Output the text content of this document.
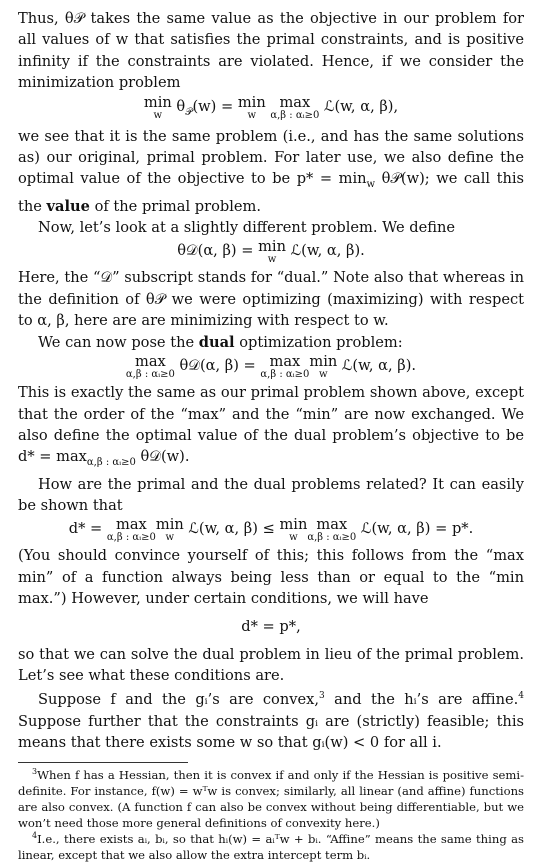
Thus, θ𝒫 takes the same value as the objective in our problem for all values of w that satisfies the primal constraints, and is positive infinity if the constraints are violated. Hence, if we consider the minimization problem

min
w
$\theta_𝒫(w) = \min$
w
max
α,β : αᵢ≥0
ℒ(w, α, β),

we see that it is the same problem (i.e., and has the same solutions as) our original, primal problem. For later use, we also define the optimal value of the objective to be $p* = \min_w$ θ𝒫(w); we call this the value of the primal problem.

Now, let’s look at a slightly different problem. We define

θ𝒟(α, β) = min
w
ℒ(w, α, β).

Here, the “𝒟” subscript stands for “dual.” Note also that whereas in the definition of θ𝒫 we were optimizing (maximizing) with respect to α, β, here are are minimizing with respect to w.

We can now pose the dual optimization problem:

max
α,β : αᵢ≥0
θ𝒟(α, β) = max
α,β : αᵢ≥0
min
w
ℒ(w, α, β).

This is exactly the same as our primal problem shown above, except that the order of the “max” and the “min” are now exchanged. We also define the optimal value of the dual problem’s objective to be $d* = \max_{\alpha,\beta : \alpha ᵢ\ge 0}$ θ𝒟(w).

How are the primal and the dual problems related? It can easily be shown that

d* = max
α,β : αᵢ≥0
min
w
ℒ(w, α, β) ≤ min
w
max
α,β : αᵢ≥0
ℒ(w, α, β) = p*.

(You should convince yourself of this; this follows from the “max min” of a function always being less than or equal to the “min max.”) However, under certain conditions, we will have

d* = p*,

so that we can solve the dual problem in lieu of the primal problem. Let’s see what these conditions are.

Suppose f and the gᵢ’s are convex,$^3$ and the hᵢ’s are affine.$^4$ Suppose further that the constraints gᵢ are (strictly) feasible; this means that there exists some w so that gᵢ(w) < 0 for all i.

$^3$When f has a Hessian, then it is convex if and only if the Hessian is positive semi-definite. For instance, f(w) = wᵀw is convex; similarly, all linear (and affine) functions are also convex. (A function f can also be convex without being differentiable, but we won’t need those more general definitions of convexity here.)

$^4$I.e., there exists aᵢ, bᵢ, so that hᵢ(w) = aᵢᵀw + bᵢ. “Affine” means the same thing as linear, except that we also allow the extra intercept term bᵢ.
